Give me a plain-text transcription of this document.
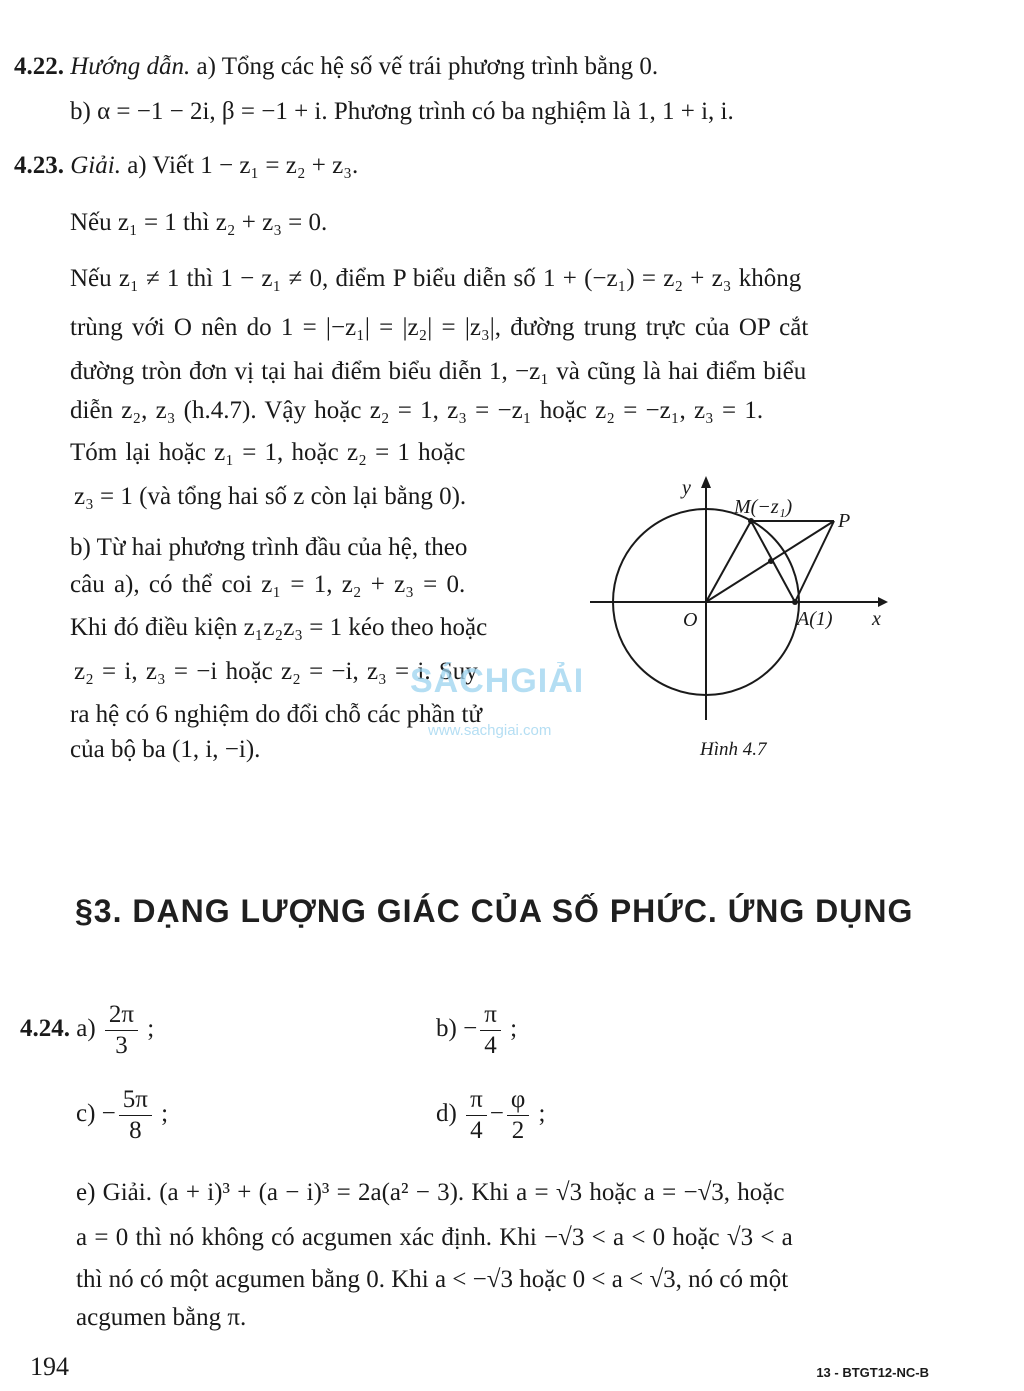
4.22. Hướng dẫn. a) Tổng các hệ số vế trái phương trình bằng 0.
b) α = −1 − 2i, β = −1 + i. Phương trình có ba nghiệm là 1, 1 + i, i.
4.23. Giải. a) Viết 1 − z₁ = z₂ + z₃.
Nếu z₁ = 1 thì z₂ + z₃ = 0.
Nếu z₁ ≠ 1 thì 1 − z₁ ≠ 0, điểm P biểu diễn số 1 + (−z₁) = z₂ + z₃ không
trùng với O nên do 1 = |−z₁| = |z₂| = |z₃|, đường trung trực của OP cắt
đường tròn đơn vị tại hai điểm biểu diễn 1, −z₁ và cũng là hai điểm biểu
diễn z₂, z₃ (h.4.7). Vậy hoặc z₂ = 1, z₃ = −z₁ hoặc z₂ = −z₁, z₃ = 1.
Tóm lại hoặc z₁ = 1, hoặc z₂ = 1 hoặc
z₃ = 1 (và tổng hai số z còn lại bằng 0).
b) Từ hai phương trình đầu của hệ, theo
câu a), có thể coi z₁ = 1, z₂ + z₃ = 0.
Khi đó điều kiện z₁z₂z₃ = 1 kéo theo hoặc
z₂ = i, z₃ = −i hoặc z₂ = −i, z₃ = i. Suy
ra hệ có 6 nghiệm do đổi chỗ các phần tử
của bộ ba (1, i, −i).
y
x
O
M(−z₁)
P
A(1)
Hình 4.7
SÁCHGIẢI
www.sachgiai.com
§3. DẠNG LƯỢNG GIÁC CỦA SỐ PHỨC. ỨNG DỤNG
4.24. $a) \frac{2\pi}{3}$ ;	$b) - \frac{\pi}{4}$ ;
$c) - \frac{5\pi}{8}$ ;	$d) \frac{\pi}{4} - \frac{\varphi}{2}$ ;
e) Giải. (a + i)³ + (a − i)³ = 2a(a² − 3). Khi a = √3 hoặc a = −√3, hoặc
a = 0 thì nó không có acgumen xác định. Khi −√3 < a < 0 hoặc √3 < a
thì nó có một acgumen bằng 0. Khi a < −√3 hoặc 0 < a < √3, nó có một
acgumen bằng π.
194	13 - BTGT12-NC-B
